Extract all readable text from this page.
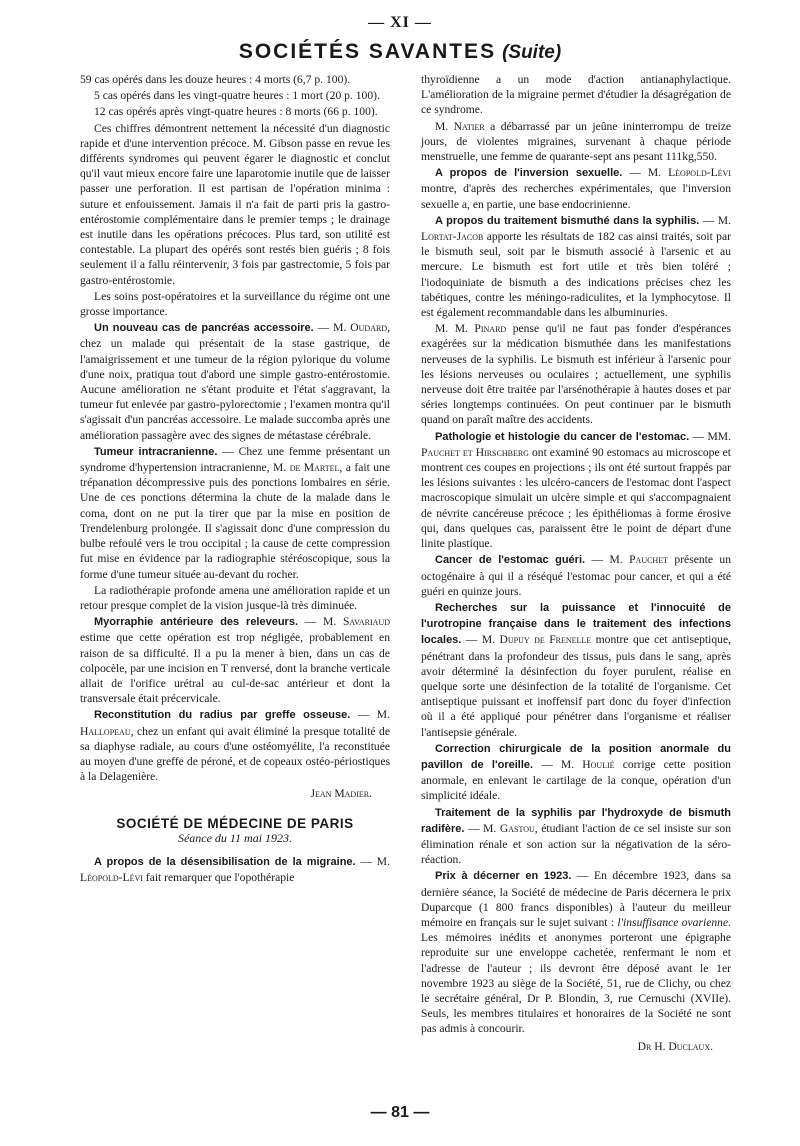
— XI —
SOCIÉTÉS SAVANTES (Suite)

59 cas opérés dans les douze heures : 4 morts (6,7 p. 100).

5 cas opérés dans les vingt-quatre heures : 1 mort (20 p. 100).

12 cas opérés après vingt-quatre heures : 8 morts (66 p. 100).

Ces chiffres démontrent nettement la nécessité d'un diagnostic rapide et d'une intervention précoce. M. Gibson passe en revue les différents syndromes qui peuvent égarer le diagnostic et conclut qu'il vaut mieux encore faire une laparotomie inutile que de laisser passer une perforation. Il est partisan de l'opération minima : suture et enfouissement. Jamais il n'a fait de parti pris la gastro-entérostomie complémentaire dans le premier temps ; le drainage est inutile dans les opérations précoces. Plus tard, son utilité est contestable. La plupart des opérés sont restés bien guéris ; 8 fois seulement il a fallu réintervenir, 3 fois par gastrectomie, 5 fois par gastro-entérostomie.

Les soins post-opératoires et la surveillance du régime ont une grosse importance.

Un nouveau cas de pancréas accessoire. — M. Oudard, chez un malade qui présentait de la stase gastrique, de l'amaigrissement et une tumeur de la région pylorique du volume d'une noix, pratiqua tout d'abord une simple gastro-entérostomie. Aucune amélioration ne s'étant produite et l'état s'aggravant, la tumeur fut enlevée par gastro-pylorectomie ; l'examen montra qu'il s'agissait d'un pancréas accessoire. Le malade succomba après une amélioration passagère avec des signes de métastase cérébrale.

Tumeur intracranienne. — Chez une femme présentant un syndrome d'hypertension intracranienne, M. de Martel, a fait une trépanation décompressive puis des ponctions lombaires en série. Une de ces ponctions détermina la chute de la malade dans le coma, dont on ne put la tirer que par la mise en position de Trendelenburg prolongée. Il s'agissait donc d'une compression du bulbe refoulé vers le trou occipital ; la cause de cette compression fut mise en évidence par la radiographie stéréoscopique, sous la forme d'une tumeur située au-devant du rocher.

La radiothérapie profonde amena une amélioration rapide et un retour presque complet de la vision jusque-là très diminuée.

Myorraphie antérieure des releveurs. — M. Savariaud estime que cette opération est trop négligée, probablement en raison de sa difficulté. Il a pu la mener à bien, dans un cas de colpocèle, par une incision en T renversé, dont la branche verticale allait de l'orifice urétral au cul-de-sac antérieur et dont la transversale était précervicale.

Reconstitution du radius par greffe osseuse. — M. Hallopeau, chez un enfant qui avait éliminé la presque totalité de sa diaphyse radiale, au cours d'une ostéomyélite, l'a reconstituée au moyen d'une greffe de péroné, et de copeaux ostéo-périostiques à la Delagenière.

Jean Madier.
SOCIÉTÉ DE MÉDECINE DE PARIS
Séance du 11 mai 1923.

A propos de la désensibilisation de la migraine. — M. Léopold-Lévi fait remarquer que l'opothérapie

thyroïdienne a un mode d'action antianaphylactique. L'amélioration de la migraine permet d'étudier la désagrégation de ce syndrome.

M. Natier a débarrassé par un jeûne ininterrompu de treize jours, de violentes migraines, survenant à chaque période menstruelle, une femme de quarante-sept ans pesant 111kg,550.

A propos de l'inversion sexuelle. — M. Léopold-Lévi montre, d'après des recherches expérimentales, que l'inversion sexuelle a, en partie, une base endocrinienne.

A propos du traitement bismuthé dans la syphilis. — M. Lortat-Jacob apporte les résultats de 182 cas ainsi traités, soit par le bismuth seul, soit par le bismuth associé à l'arsenic et au mercure. Le bismuth est fort utile et très bien toléré ; l'iodoquiniate de bismuth a des indications précises chez les tabétiques, contre les méningo-radiculites, et la lymphocytose. Il est également recommandable dans les albuminuries.

M. M. Pinard pense qu'il ne faut pas fonder d'espérances exagérées sur la médication bismuthée dans les manifestations nerveuses de la syphilis. Le bismuth est inférieur à l'arsenic pour les lésions nerveuses ou oculaires ; actuellement, une syphilis nerveuse doit être traitée par l'arsénothérapie à hautes doses et par séries longtemps continuées. On peut continuer par le bismuth quand on paraît maître des accidents.

Pathologie et histologie du cancer de l'estomac. — MM. Pauchet et Hirschberg ont examiné 90 estomacs au microscope et montrent ces coupes en projections ; ils ont été surtout frappés par les lésions suivantes : les ulcéro-cancers de l'estomac dont l'aspect macroscopique simulait un ulcère simple et qui s'accompagnaient de névrite cancéreuse précoce ; les épithéliomas à forme érosive qui, dans quelques cas, paraissent être le point de départ d'une linite plastique.

Cancer de l'estomac guéri. — M. Pauchet présente un octogénaire à qui il a réséqué l'estomac pour cancer, et qui a été guéri en quinze jours.

Recherches sur la puissance et l'innocuité de l'urotropine française dans le traitement des infections locales. — M. Dupuy de Frenelle montre que cet antiseptique, pénétrant dans la profondeur des tissus, puis dans le sang, après avoir déterminé la désinfection du foyer purulent, réalise en quelque sorte une désinfection de la totalité de l'organisme. Cet antiseptique puissant et inoffensif part donc du foyer d'infection où il a été appliqué pour pénétrer dans l'organisme et réaliser l'antisepsie générale.

Correction chirurgicale de la position anormale du pavillon de l'oreille. — M. Houlié corrige cette position anormale, en enlevant le cartilage de la conque, opération d'un simplicité idéale.

Traitement de la syphilis par l'hydroxyde de bismuth radifère. — M. Gastou, étudiant l'action de ce sel insiste sur son élimination rénale et son action sur la négativation de la séro-réaction.

Prix à décerner en 1923. — En décembre 1923, dans sa dernière séance, la Société de médecine de Paris décernera le prix Duparcque (1 800 francs disponibles) à l'auteur du meilleur mémoire en français sur le sujet suivant : l'insuffisance ovarienne. Les mémoires inédits et anonymes porteront une épigraphe reproduite sur une enveloppe cachetée, renfermant le nom et l'adresse de l'auteur ; ils devront être déposé avant le 1er novembre 1923 au siège de la Société, 51, rue de Clichy, ou chez le secrétaire général, Dr P. Blondin, 3, rue Cernuschi (XVIIe). Seuls, les membres titulaires et honoraires de la Société ne sont pas admis à concourir.

Dr H. Duclaux.
— 81 —
